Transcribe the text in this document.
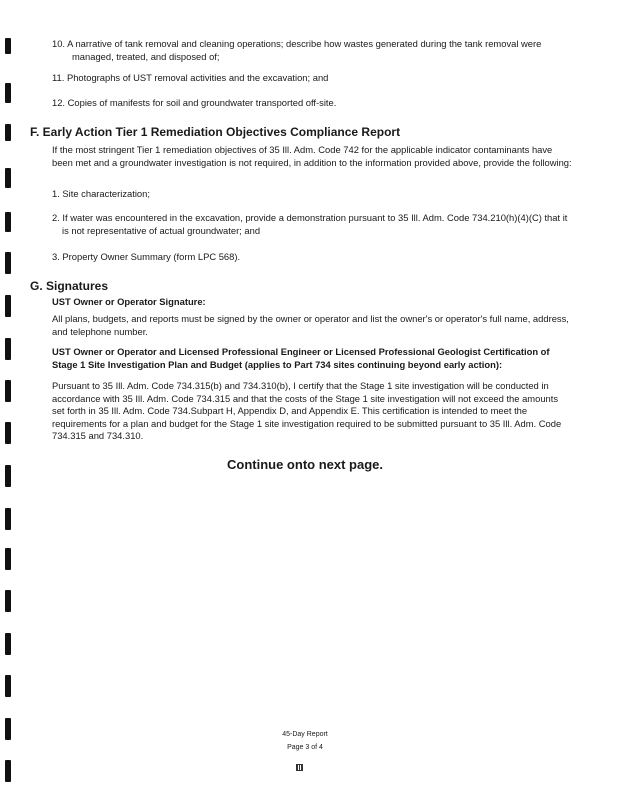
10. A narrative of tank removal and cleaning operations; describe how wastes generated during the tank removal were managed, treated, and disposed of;
11. Photographs of UST removal activities and the excavation; and
12. Copies of manifests for soil and groundwater transported off-site.
F. Early Action Tier 1 Remediation Objectives Compliance Report
If the most stringent Tier 1 remediation objectives of 35 Ill. Adm. Code 742 for the applicable indicator contaminants have been met and a groundwater investigation is not required, in addition to the information provided above, provide the following:
1. Site characterization;
2. If water was encountered in the excavation, provide a demonstration pursuant to 35 Ill. Adm. Code 734.210(h)(4)(C) that it is not representative of actual groundwater; and
3. Property Owner Summary (form LPC 568).
G. Signatures
UST Owner or Operator Signature:
All plans, budgets, and reports must be signed by the owner or operator and list the owner's or operator's full name, address, and telephone number.
UST Owner or Operator and Licensed Professional Engineer or Licensed Professional Geologist Certification of Stage 1 Site Investigation Plan and Budget (applies to Part 734 sites continuing beyond early action):
Pursuant to 35 Ill. Adm. Code 734.315(b) and 734.310(b), I certify that the Stage 1 site investigation will be conducted in accordance with 35 Ill. Adm. Code 734.315 and that the costs of the Stage 1 site investigation will not exceed the amounts set forth in 35 Ill. Adm. Code 734.Subpart H, Appendix D, and Appendix E. This certification is intended to meet the requirements for a plan and budget for the Stage 1 site investigation required to be submitted pursuant to 35 Ill. Adm. Code 734.315 and 734.310.
Continue onto next page.
45-Day Report
Page 3 of 4
